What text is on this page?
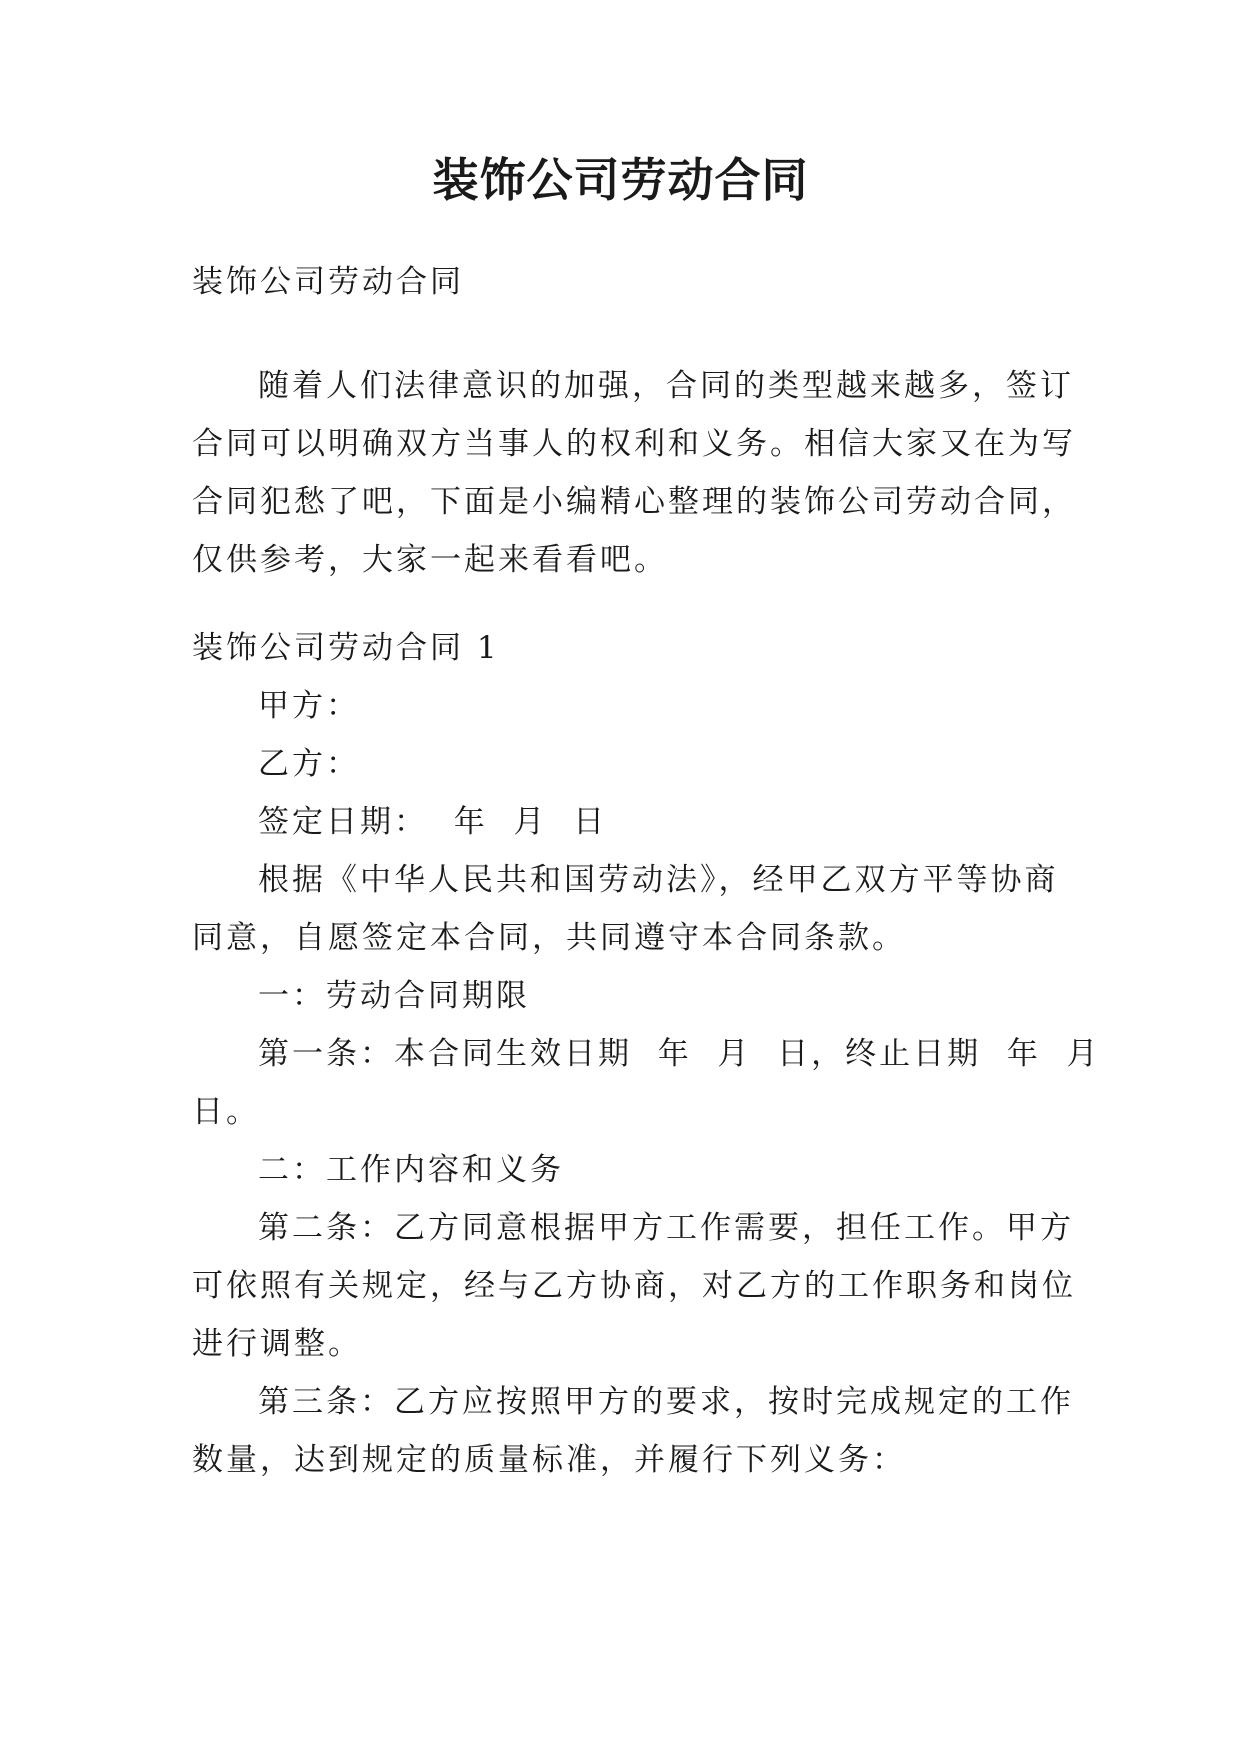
装饰公司劳动合同
装饰公司劳动合同
随着人们法律意识的加强，合同的类型越来越多，签订
合同可以明确双方当事人的权利和义务。相信大家又在为写
合同犯愁了吧，下面是小编精心整理的装饰公司劳动合同，
仅供参考，大家一起来看看吧。
装饰公司劳动合同 1
甲方：
乙方：
签定日期：  年  月  日
根据《中华人民共和国劳动法》，经甲乙双方平等协商
同意，自愿签定本合同，共同遵守本合同条款。
一：劳动合同期限
第一条：本合同生效日期  年  月  日，终止日期  年  月
日。
二：工作内容和义务
第二条：乙方同意根据甲方工作需要，担任工作。甲方
可依照有关规定，经与乙方协商，对乙方的工作职务和岗位
进行调整。
第三条：乙方应按照甲方的要求，按时完成规定的工作
数量，达到规定的质量标准，并履行下列义务：
